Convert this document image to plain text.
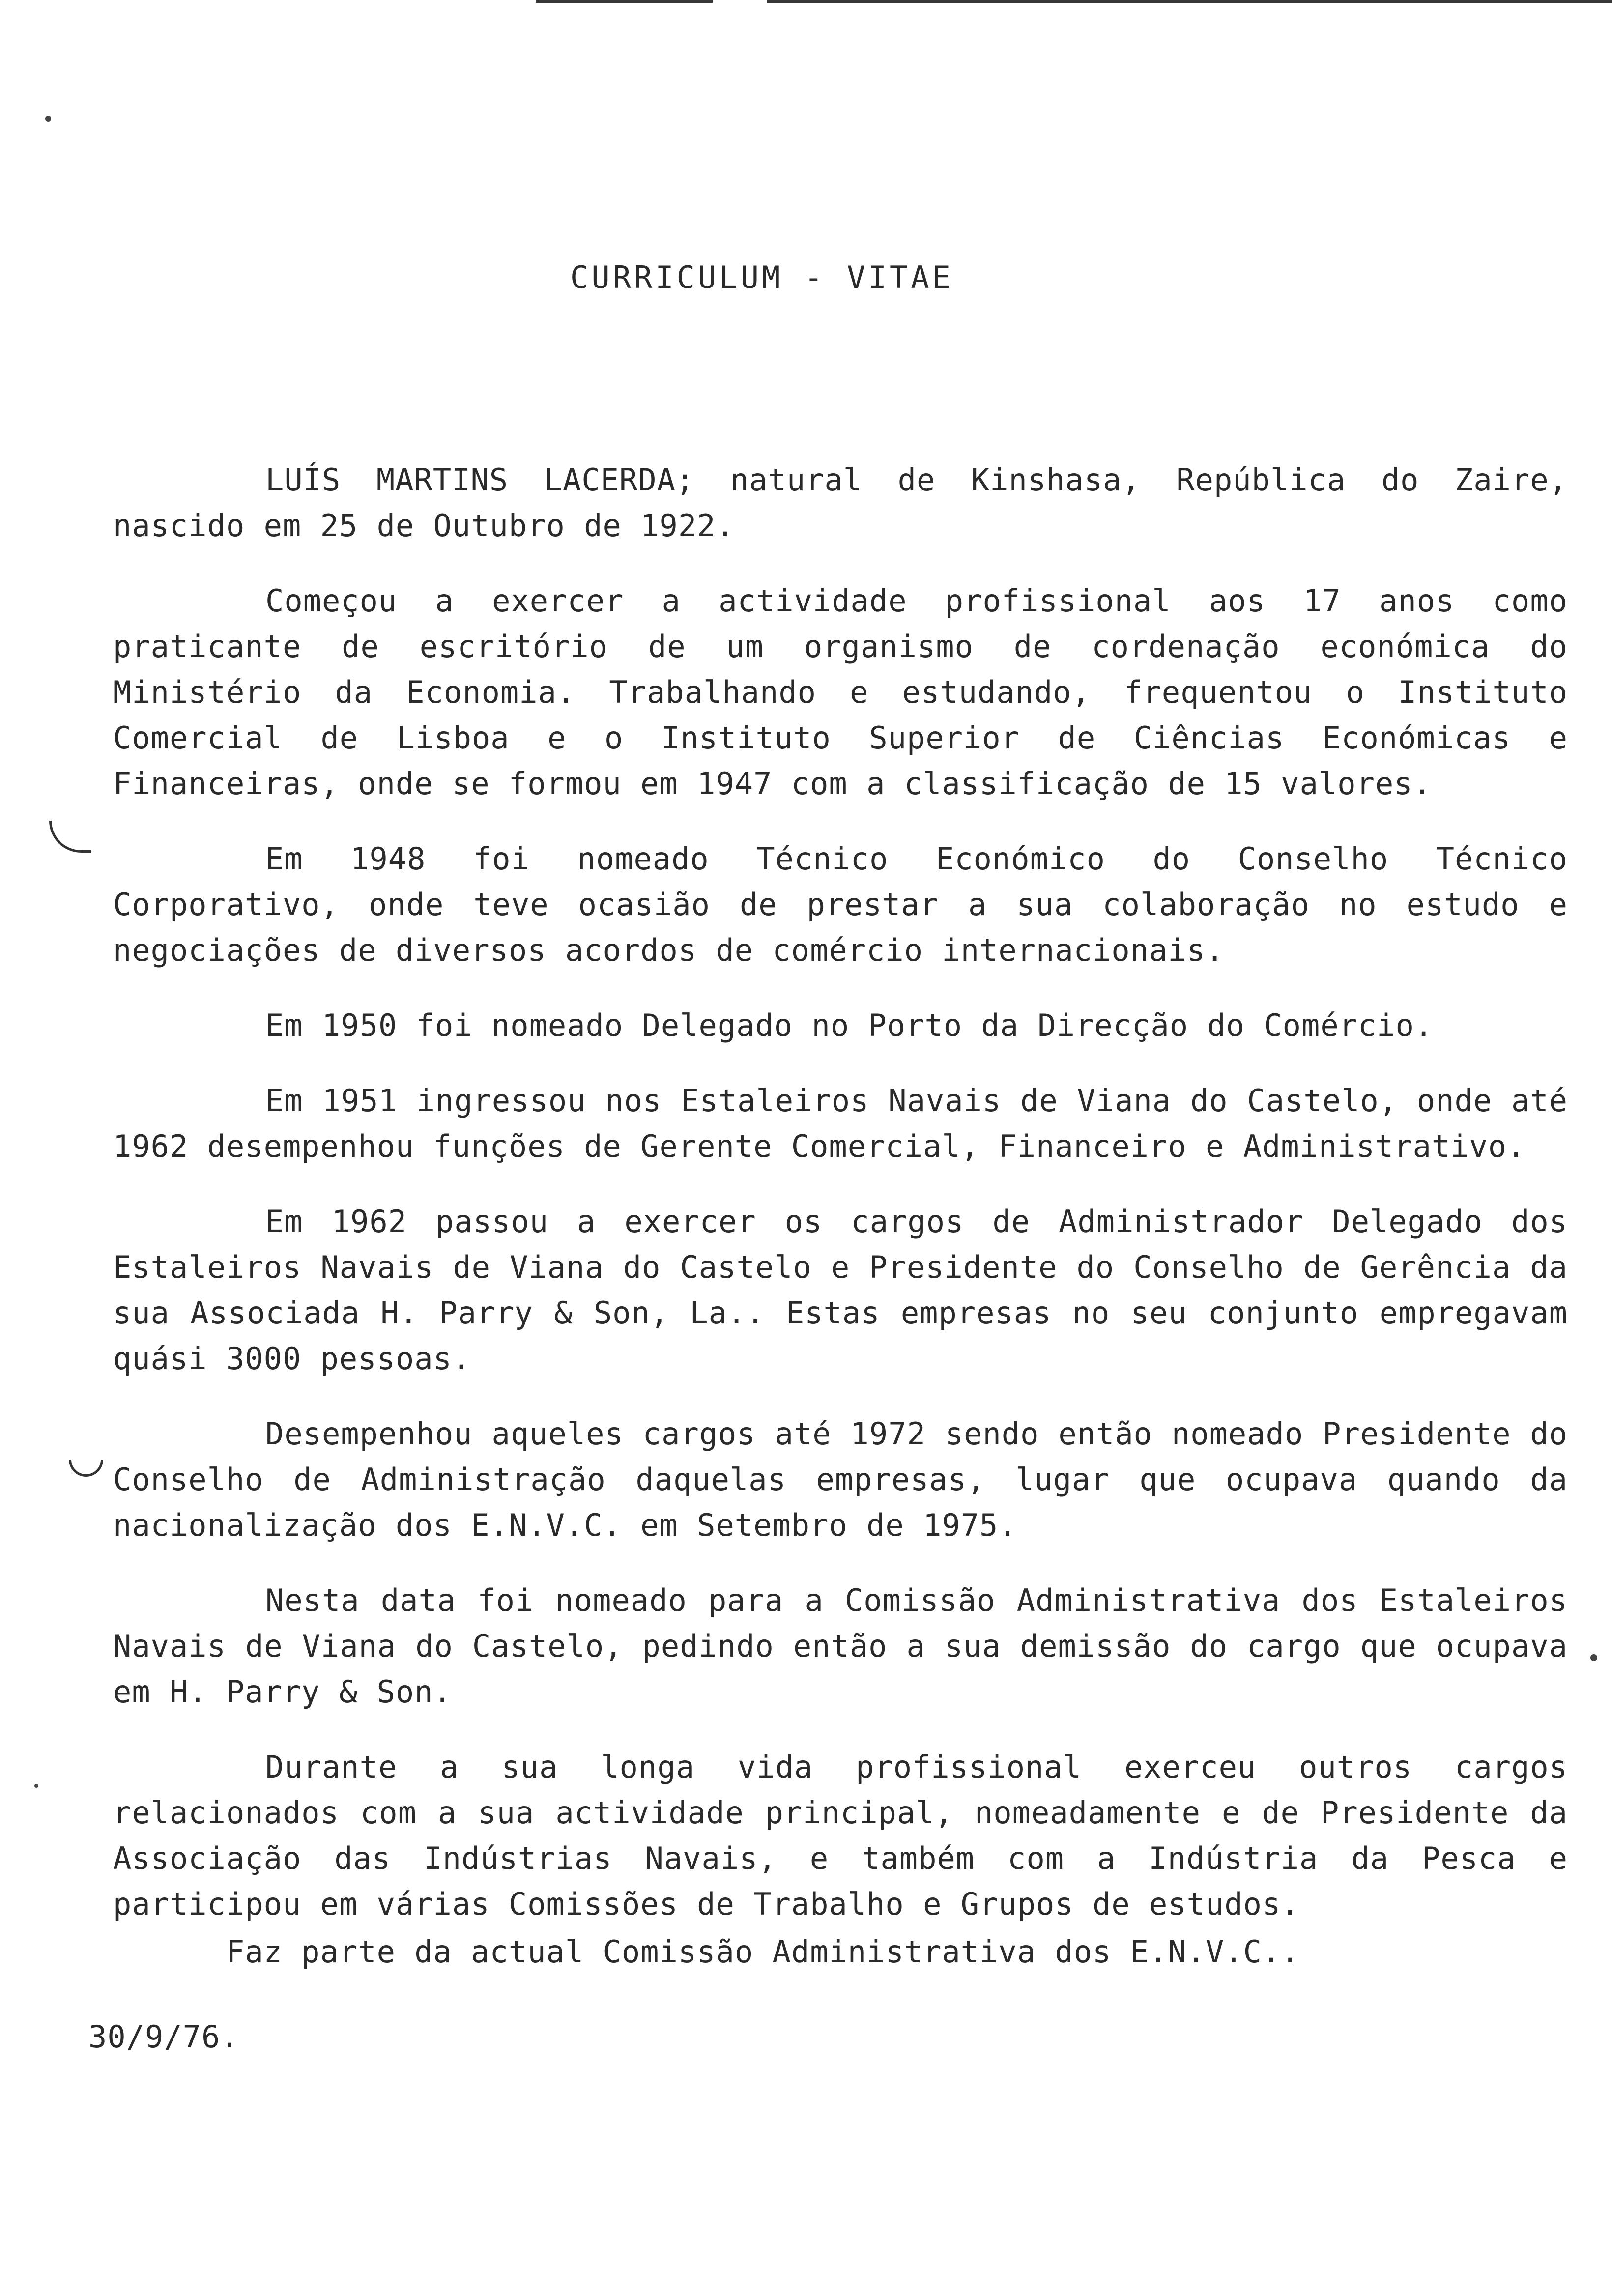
CURRICULUM - VITAE

LUÍS MARTINS LACERDA; natural de Kinshasa, República do Zaire, nascido em 25 de Outubro de 1922.

Começou a exercer a actividade profissional aos 17 anos como praticante de escritório de um organismo de cordenação económica do Ministério da Economia. Trabalhando e estudando, frequentou o Instituto Comercial de Lisboa e o Instituto Superior de Ciências Económicas e Financeiras, onde se formou em 1947 com a classificação de 15 valores.

Em 1948 foi nomeado Técnico Económico do Conselho Técnico Corporativo, onde teve ocasião de prestar a sua colaboração no estudo e negociações de diversos acordos de comércio internacionais.

Em 1950 foi nomeado Delegado no Porto da Direcção do Comércio.

Em 1951 ingressou nos Estaleiros Navais de Viana do Castelo, onde até 1962 desempenhou funções de Gerente Comercial, Financeiro e Administrativo.

Em 1962 passou a exercer os cargos de Administrador Delegado dos Estaleiros Navais de Viana do Castelo e Presidente do Conselho de Gerência da sua Associada H. Parry & Son, La.. Estas empresas no seu conjunto empregavam quási 3000 pessoas.

Desempenhou aqueles cargos até 1972 sendo então nomeado Presidente do Conselho de Administração daquelas empresas, lugar que ocupava quando da nacionalização dos E.N.V.C. em Setembro de 1975.

Nesta data foi nomeado para a Comissão Administrativa dos Estaleiros Navais de Viana do Castelo, pedindo então a sua demissão do cargo que ocupava em H. Parry & Son.

Durante a sua longa vida profissional exerceu outros cargos relacionados com a sua actividade principal, nomeadamente e de Presidente da Associação das Indústrias Navais, e também com a Indústria da Pesca e participou em várias Comissões de Trabalho e Grupos de estudos.

Faz parte da actual Comissão Administrativa dos E.N.V.C..

30/9/76.
